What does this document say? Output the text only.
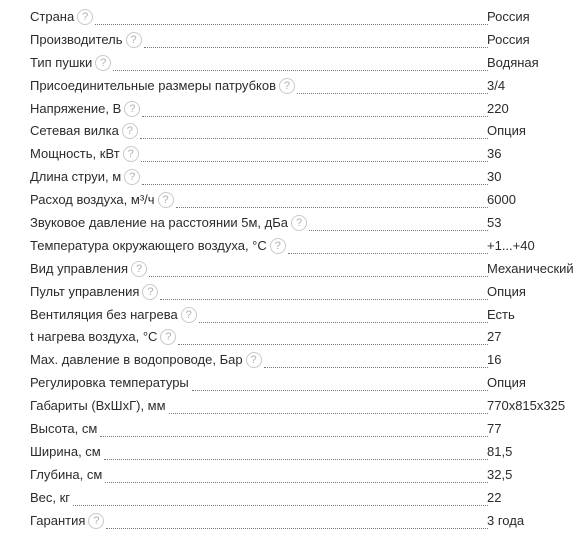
Страна ?	Россия
Производитель ?	Россия
Тип пушки ?	Водяная
Присоединительные размеры патрубков ?	3/4
Напряжение, В ?	220
Сетевая вилка ?	Опция
Мощность, кВт ?	36
Длина струи, м ?	30
Расход воздуха, м³/ч ?	6000
Звуковое давление на расстоянии 5м, дБа ?	53
Температура окружающего воздуха, °С ?	+1...+40
Вид управления ?	Механический
Пульт управления ?	Опция
Вентиляция без нагрева ?	Есть
t нагрева воздуха, °С ?	27
Max. давление в водопроводе, Бар ?	16
Регулировка температуры	Опция
Габариты (ВхШхГ), мм	770х815х325
Высота, см	77
Ширина, см	81,5
Глубина, см	32,5
Вес, кг	22
Гарантия ?	3 года
